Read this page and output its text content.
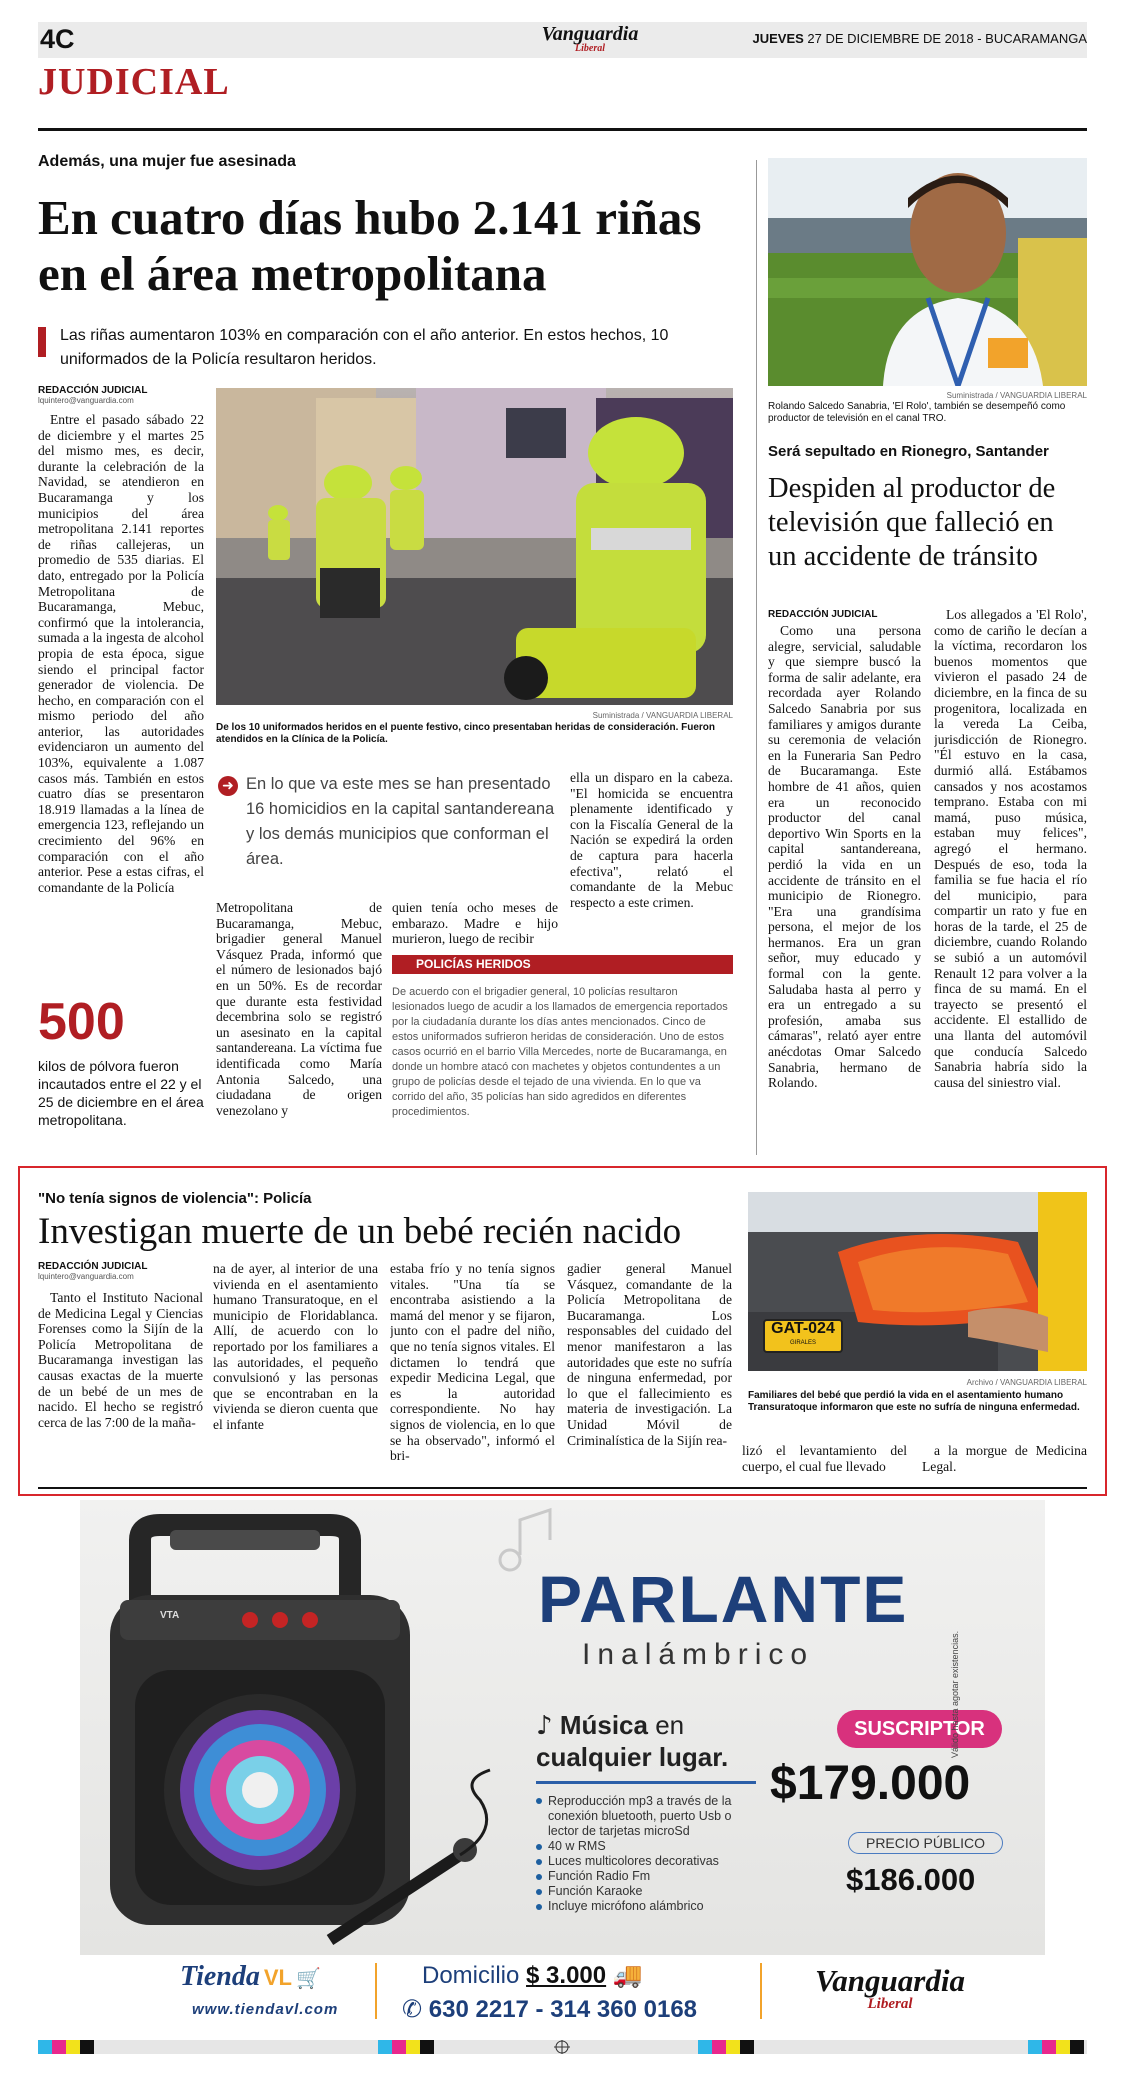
4C	Vanguardia
Liberal
JUEVES 27 DE DICIEMBRE DE 2018 - BUCARAMANGA
JUDICIAL
Además, una mujer fue asesinada
En cuatro días hubo 2.141 riñas en el área metropolitana
Las riñas aumentaron 103% en comparación con el año anterior. En estos hechos, 10 uniformados de la Policía resultaron heridos.
REDACCIÓN JUDICIAL
lquintero@vanguardia.com

Entre el pasado sábado 22 de diciembre y el martes 25 del mismo mes, es decir, durante la celebración de la Navidad, se atendieron en Bucaramanga y los municipios del área metropolitana 2.141 reportes de riñas callejeras, un promedio de 535 diarias. El dato, entregado por la Policía Metropolitana de Bucaramanga, Mebuc, confirmó que la intolerancia, sumada a la ingesta de alcohol propia de esta época, sigue siendo el principal factor generador de violencia. De hecho, en comparación con el mismo periodo del año anterior, las autoridades evidenciaron un aumento del 103%, equivalente a 1.087 casos más. También en estos cuatro días se presentaron 18.919 llamadas a la línea de emergencia 123, reflejando un crecimiento del 96% en comparación con el año anterior. Pese a estas cifras, el comandante de la Policía

500
kilos de pólvora fueron incautados entre el 22 y el 25 de diciembre en el área metropolitana.
Suministrada / VANGUARDIA LIBERAL
De los 10 uniformados heridos en el puente festivo, cinco presentaban heridas de consideración. Fueron atendidos en la Clínica de la Policía.
➜ En lo que va este mes se han presentado 16 homicidios en la capital santandereana y los demás municipios que conforman el área.

Metropolitana de Bucaramanga, Mebuc, brigadier general Manuel Vásquez Prada, informó que el número de lesionados bajó en un 50%. Es de recordar que durante esta festividad decembrina solo se registró un asesinato en la capital santandereana. La víctima fue identificada como María Antonia Salcedo, una ciudadana de origen venezolano y

quien tenía ocho meses de embarazo. Madre e hijo murieron, luego de recibir

ella un disparo en la cabeza. "El homicida se encuentra plenamente identificado y con la Fiscalía General de la Nación se expedirá la orden de captura para hacerla efectiva", relató el comandante de la Mebuc respecto a este crimen.

POLICÍAS HERIDOS
De acuerdo con el brigadier general, 10 policías resultaron lesionados luego de acudir a los llamados de emergencia reportados por la ciudadanía durante los días antes mencionados. Cinco de estos uniformados sufrieron heridas de consideración. Uno de estos casos ocurrió en el barrio Villa Mercedes, norte de Bucaramanga, en donde un hombre atacó con machetes y objetos contundentes a un grupo de policías desde el tejado de una vivienda. En lo que va corrido del año, 35 policías han sido agredidos en diferentes procedimientos.
Suministrada / VANGUARDIA LIBERAL
Rolando Salcedo Sanabria, 'El Rolo', también se desempeñó como productor de televisión en el canal TRO.
Será sepultado en Rionegro, Santander
Despiden al productor de televisión que falleció en un accidente de tránsito
REDACCIÓN JUDICIAL

Como una persona alegre, servicial, saludable y que siempre buscó la forma de salir adelante, era recordada ayer Rolando Salcedo Sanabria por sus familiares y amigos durante su ceremonia de velación en la Funeraria San Pedro de Bucaramanga. Este hombre de 41 años, quien era un reconocido productor del canal deportivo Win Sports en la capital santandereana, perdió la vida en un accidente de tránsito en el municipio de Rionegro. "Era una grandísima persona, el mejor de los hermanos. Era un gran señor, muy educado y formal con la gente. Saludaba hasta al perro y era un entregado a su profesión, amaba sus cámaras", relató ayer entre anécdotas Omar Salcedo Sanabria, hermano de Rolando.

Los allegados a 'El Rolo', como de cariño le decían a la víctima, recordaron los buenos momentos que vivieron el pasado 24 de diciembre, en la finca de su progenitora, localizada en la vereda La Ceiba, jurisdicción de Rionegro. "Él estuvo en la casa, durmió allá. Estábamos cansados y nos acostamos temprano. Estaba con mi mamá, puso música, estaban muy felices", agregó el hermano. Después de eso, toda la familia se fue hacia el río del municipio, para compartir un rato y fue en horas de la tarde, el 25 de diciembre, cuando Rolando se subió a un automóvil Renault 12 para volver a la finca de su mamá. En el trayecto se presentó el accidente. El estallido de una llanta del automóvil que conducía Salcedo Sanabria habría sido la causa del siniestro vial.

"No tenía signos de violencia": Policía
Investigan muerte de un bebé recién nacido
REDACCIÓN JUDICIAL
lquintero@vanguardia.com

Tanto el Instituto Nacional de Medicina Legal y Ciencias Forenses como la Sijín de la Policía Metropolitana de Bucaramanga investigan las causas exactas de la muerte de un bebé de un mes de nacido. El hecho se registró cerca de las 7:00 de la maña-

na de ayer, al interior de una vivienda en el asentamiento humano Transuratoque, en el municipio de Floridablanca. Allí, de acuerdo con lo reportado por los familiares a las autoridades, el pequeño convulsionó y las personas que se encontraban en la vivienda se dieron cuenta que el infante

estaba frío y no tenía signos vitales. "Una tía se encontraba asistiendo a la mamá del menor y se fijaron, junto con el padre del niño, que no tenía signos vitales. El dictamen lo tendrá que expedir Medicina Legal, que es la autoridad correspondiente. No hay signos de violencia, en lo que se ha observado", informó el bri-

gadier general Manuel Vásquez, comandante de la Policía Metropolitana de Bucaramanga. Los responsables del cuidado del menor manifestaron a las autoridades que este no sufría de ninguna enfermedad, por lo que el fallecimiento es materia de investigación. La Unidad Móvil de Criminalística de la Sijín rea-

lizó el levantamiento del cuerpo, el cual fue llevado

a la morgue de Medicina Legal.

GAT-024
GIRALES
Archivo / VANGUARDIA LIBERAL
Familiares del bebé que perdió la vida en el asentamiento humano Transuratoque informaron que este no sufría de ninguna enfermedad.
VTA	PARLANTE
Inalámbrico
♪ Música en
cualquier lugar.
Reproducción mp3 a través de la conexión bluetooth, puerto Usb o lector de tarjetas microSd
40 w RMS
Luces multicolores decorativas
Función Radio Fm
Función Karaoke
Incluye micrófono alámbrico
SUSCRIPTOR
$179.000
PRECIO PÚBLICO
$186.000
Válido hasta agotar existencias.
Tienda VL 🛒
www.tiendavl.com
Domicilio $ 3.000 🚚
✆ 630 2217 - 314 360 0168
Vanguardia
Liberal
